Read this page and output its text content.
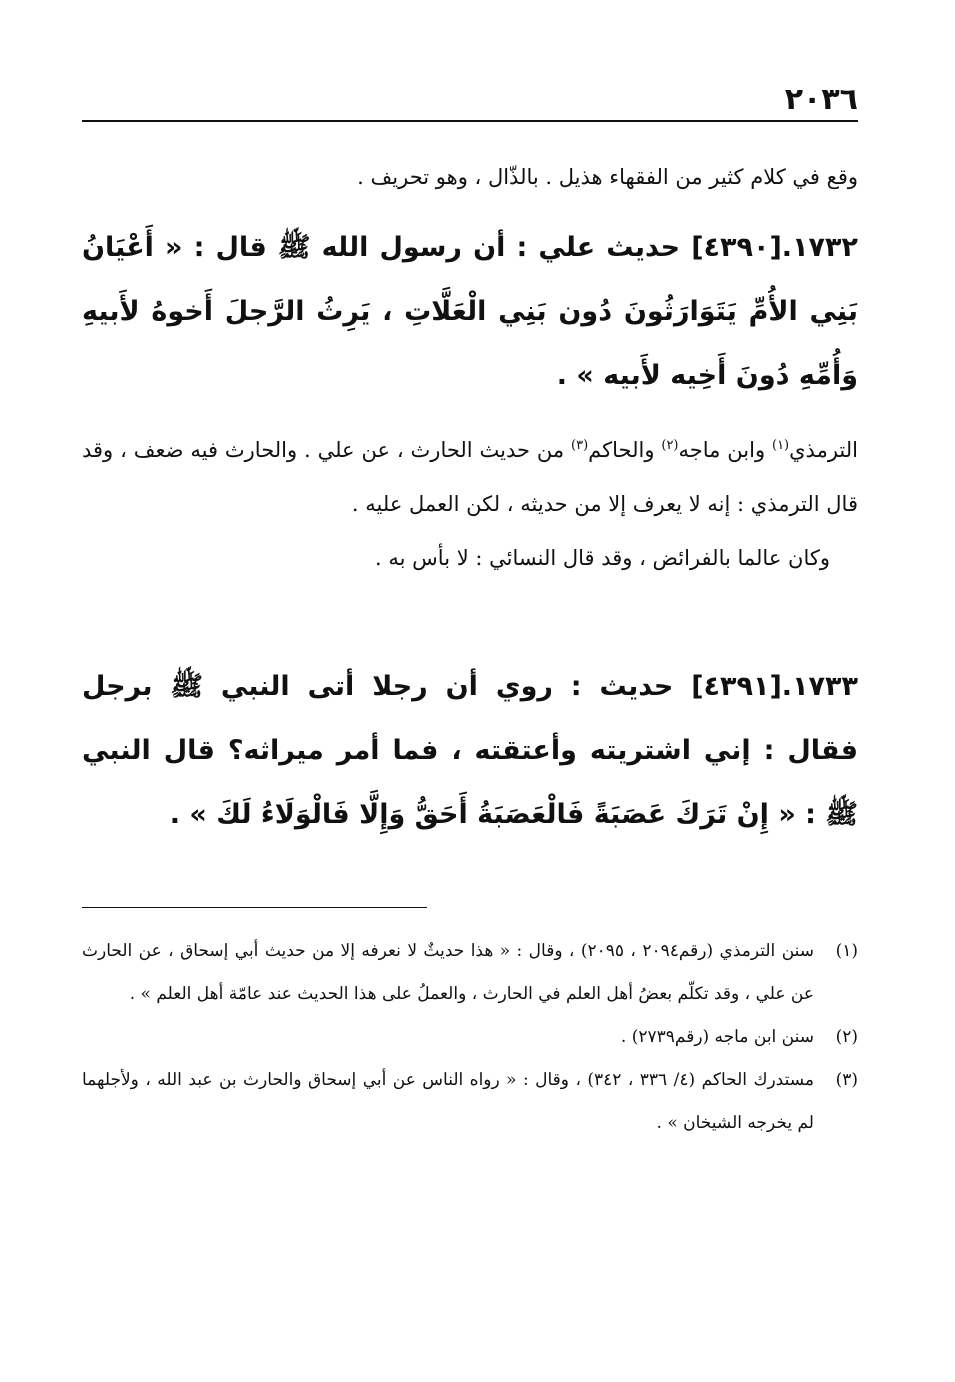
٢٠٣٦

وقع في كلام كثير من الفقهاء هذيل . بالذّال ، وهو تحريف .

١٧٣٢.[٤٣٩٠] حديث علي : أن رسول الله ﷺ قال : « أَعْيَانُ بَنِي الأُمِّ يَتَوَارَثُونَ دُون بَنِي الْعَلَّاتِ ، يَرِثُ الرَّجلَ أَخوهُ لأَبيهِ وَأُمِّهِ دُونَ أَخِيه لأَبيه » .

الترمذي$^{(١)}$ وابن ماجه$^{(٢)}$ والحاكم$^{(٣)}$ من حديث الحارث ، عن علي . والحارث فيه ضعف ، وقد قال الترمذي : إنه لا يعرف إلا من حديثه ، لكن العمل عليه .

وكان عالما بالفرائض ، وقد قال النسائي : لا بأس به .

١٧٣٣.[٤٣٩١] حديث : روي أن رجلا أتى النبي ﷺ برجل فقال : إني اشتريته وأعتقته ، فما أمر ميراثه؟ قال النبي ﷺ : « إِنْ تَرَكَ عَصَبَةً فَالْعَصَبَةُ أَحَقُّ وَإِلَّا فَالْوَلَاءُ لَكَ » .

(١)
سنن الترمذي (رقم٢٠٩٤ ، ٢٠٩٥) ، وقال : « هذا حديثٌ لا نعرفه إلا من حديث أبي إسحاق ، عن الحارث عن علي ، وقد تكلّم بعضُ أهل العلم في الحارث ، والعملُ على هذا الحديث عند عامّة أهل العلم » .
(٢)
سنن ابن ماجه (رقم٢٧٣٩) .
(٣)
مستدرك الحاكم (٤/ ٣٣٦ ، ٣٤٢) ، وقال : « رواه الناس عن أبي إسحاق والحارث بن عبد الله ، ولأجلهما لم يخرجه الشيخان » .
